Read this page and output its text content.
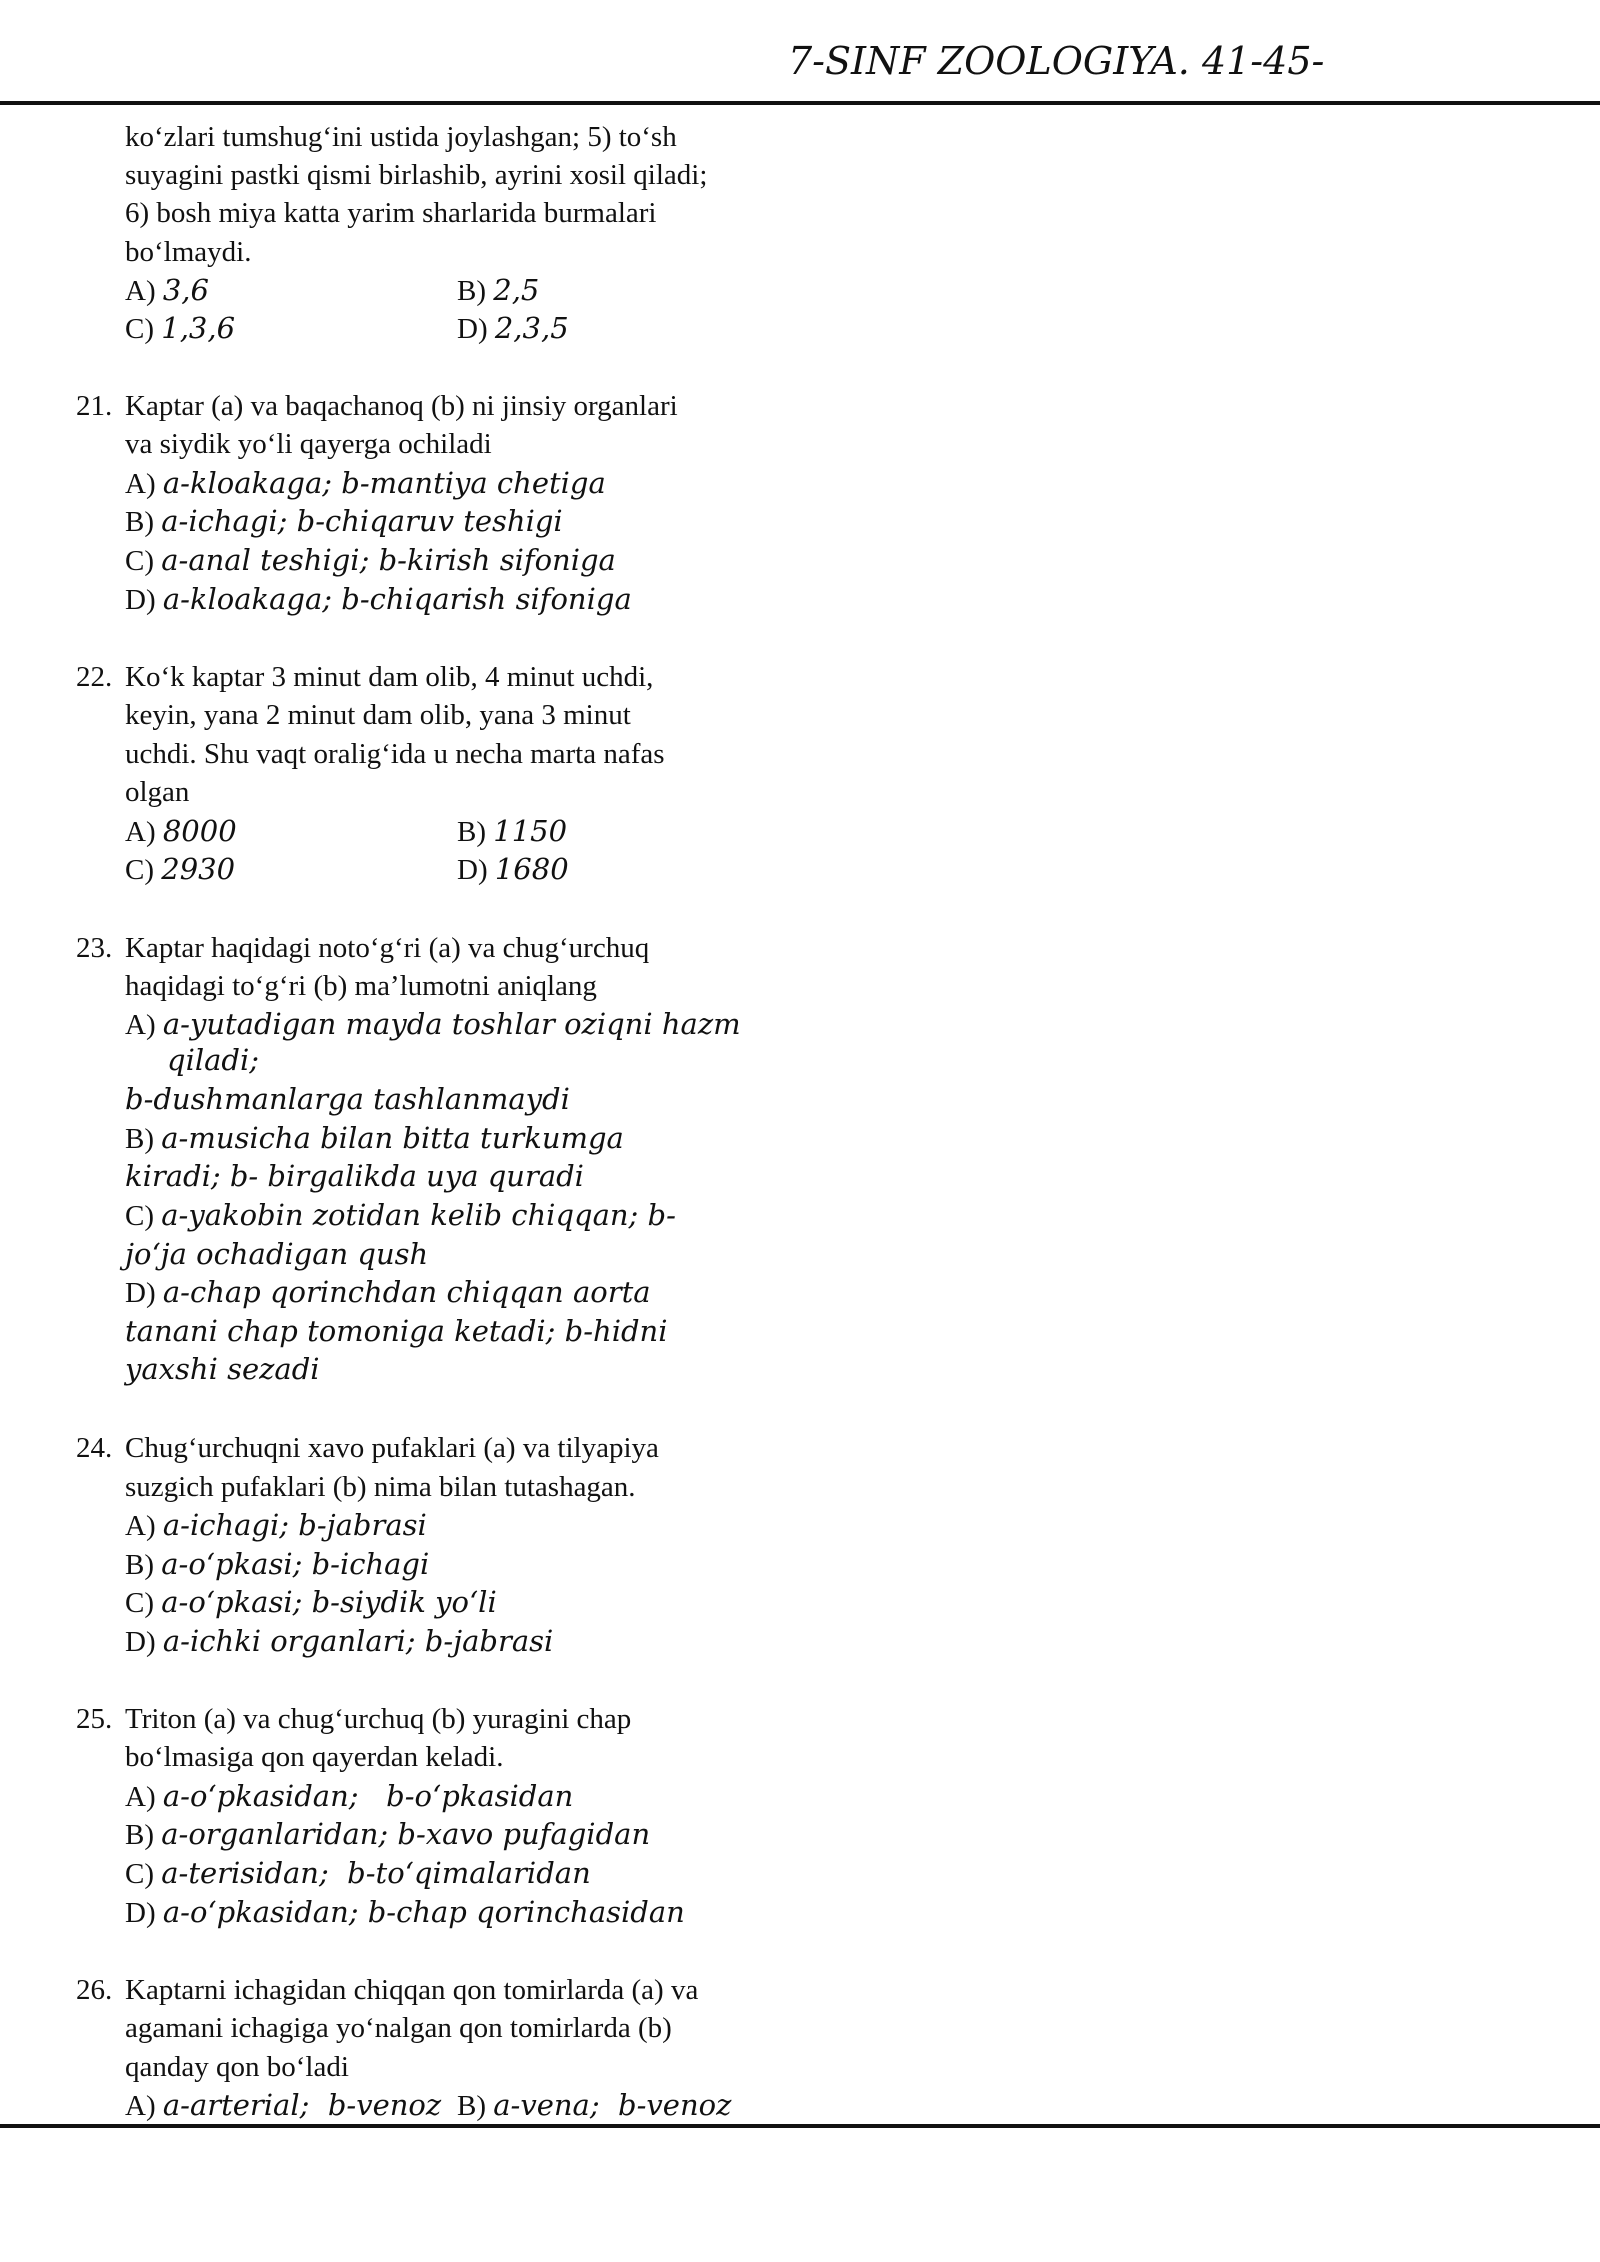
7-SINF ZOOLOGIYA. 41-45-
ko‘zlari tumshug‘ini ustida joylashgan; 5) to‘sh
suyagini pastki qismi birlashib, ayrini xosil qiladi;
6) bosh miya katta yarim sharlarida burmalari
bo‘lmaydi.
A) 3,6	B) 2,5
C) 1,3,6	D) 2,3,5
21. Kaptar (a) va baqachanoq (b) ni jinsiy organlari
va siydik yo‘li qayerga ochiladi
A) a-kloakaga; b-mantiya chetiga
B) a-ichagi; b-chiqaruv teshigi
C) a-anal teshigi; b-kirish sifoniga
D) a-kloakaga; b-chiqarish sifoniga
22. Ko‘k kaptar 3 minut dam olib, 4 minut uchdi,
keyin, yana 2 minut dam olib, yana 3 minut
uchdi. Shu vaqt oralig‘ida u necha marta nafas
olgan
A) 8000	B) 1150
C) 2930	D) 1680
23. Kaptar haqidagi noto‘g‘ri (a) va chug‘urchuq
haqidagi to‘g‘ri (b) ma’lumotni aniqlang
A) a-yutadigan mayda toshlar oziqni hazm
qiladi;
b-dushmanlarga tashlanmaydi
B) a-musicha bilan bitta turkumga
kiradi; b- birgalikda uya quradi
C) a-yakobin zotidan kelib chiqqan; b-
jo‘ja ochadigan qush
D) a-chap qorinchdan chiqqan aorta
tanani chap tomoniga ketadi; b-hidni
yaxshi sezadi
24. Chug‘urchuqni xavo pufaklari (a) va tilyapiya
suzgich pufaklari (b) nima bilan tutashagan.
A) a-ichagi; b-jabrasi
B) a-o‘pkasi; b-ichagi
C) a-o‘pkasi; b-siydik yo‘li
D) a-ichki organlari; b-jabrasi
25. Triton (a) va chug‘urchuq (b) yuragini chap
bo‘lmasiga qon qayerdan keladi.
A) a-o‘pkasidan;   b-o‘pkasidan
B) a-organlaridan; b-xavo pufagidan
C) a-terisidan;  b-to‘qimalaridan
D) a-o‘pkasidan; b-chap qorinchasidan
26. Kaptarni ichagidan chiqqan qon tomirlarda (a) va
agamani ichagiga yo‘nalgan qon tomirlarda (b)
qanday qon bo‘ladi
A) a-arterial;  b-venoz B) a-vena;  b-venoz
